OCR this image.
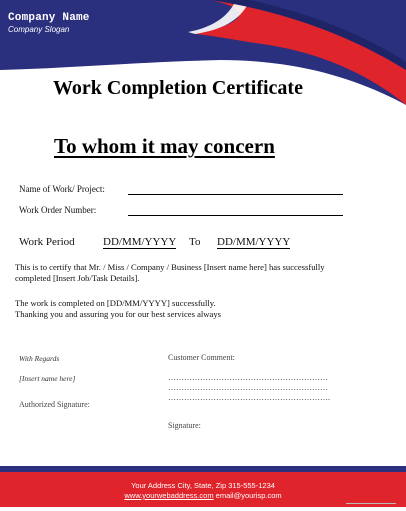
Company Name
Company Slogan
Work Completion Certificate
To whom it may concern
Name of Work/ Project:
Work Order Number:
Work Period	DD/MM/YYYY To DD/MM/YYYY
This is to certify that Mr. / Miss / Company / Business [Insert name here] has successfully completed [Insert Job/Task Details].
The work is completed on [DD/MM/YYYY] successfully.
Thanking you and assuring you for our best services always
With Regards
[Insert name here]
Authorized Signature:
Customer Comment:
……………………………………………………
……………………………………………………
…………………………………………………….
Signature:
Your Address City, State, Zip 315-555-1234
www.yourwebaddress.com email@yourisp.com
